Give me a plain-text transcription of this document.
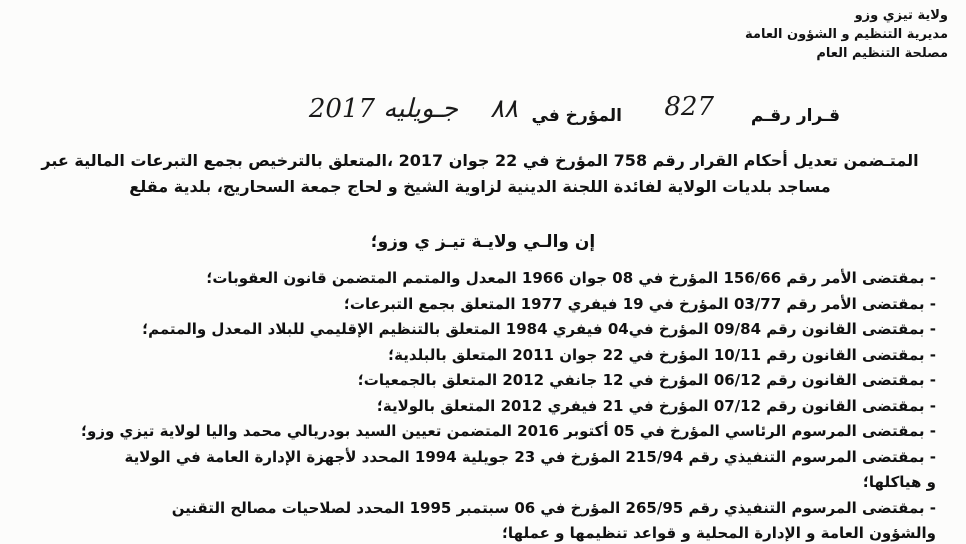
ولاية تيزي وزو
مديرية التنظيم و الشؤون العامة
مصلحة التنظيم العام
قـرار رقـم
827
المؤرخ في
٨٨
جـويليه 2017
المتـضمن تعديل أحكام القرار رقم 758 المؤرخ في 22 جوان 2017 ،المتعلق بالترخيص بجمع التبرعات المالية عبر
مساجد بلديات الولاية لفائدة اللجنة الدينية لزاوية الشيخ و لحاج جمعة السحاريج، بلدية مقلع
إن والـي ولايـة تيـز ي وزو؛
- بمقتضى الأمر رقم 156/66 المؤرخ في 08 جوان 1966 المعدل والمتمم المتضمن قانون العقوبات؛
- بمقتضى الأمر رقم 03/77 المؤرخ في 19 فيفري 1977 المتعلق بجمع التبرعات؛
- بمقتضى القانون رقم 09/84 المؤرخ في04 فيفري 1984 المتعلق بالتنظيم الإقليمي للبلاد المعدل والمتمم؛
- بمقتضى القانون رقم 10/11 المؤرخ في 22 جوان 2011 المتعلق بالبلدية؛
- بمقتضى القانون رقم 06/12 المؤرخ في 12 جانفي 2012 المتعلق بالجمعيات؛
- بمقتضى القانون رقم 07/12 المؤرخ في 21 فيفري 2012 المتعلق بالولاية؛
- بمقتضى المرسوم الرئاسي المؤرخ في 05 أكتوبر 2016 المتضمن تعيين السيد بودريالي محمد واليا لولاية تيزي وزو؛
- بمقتضى المرسوم التنفيذي رقم 215/94 المؤرخ في 23 جويلية 1994 المحدد لأجهزة الإدارة العامة في الولاية
و هياكلها؛
- بمقتضى المرسوم التنفيذي رقم 265/95 المؤرخ في 06 سبتمبر 1995 المحدد لصلاحيات مصالح التقنين
والشؤون العامة و الإدارة المحلية و قواعد تنظيمها و عملها؛
